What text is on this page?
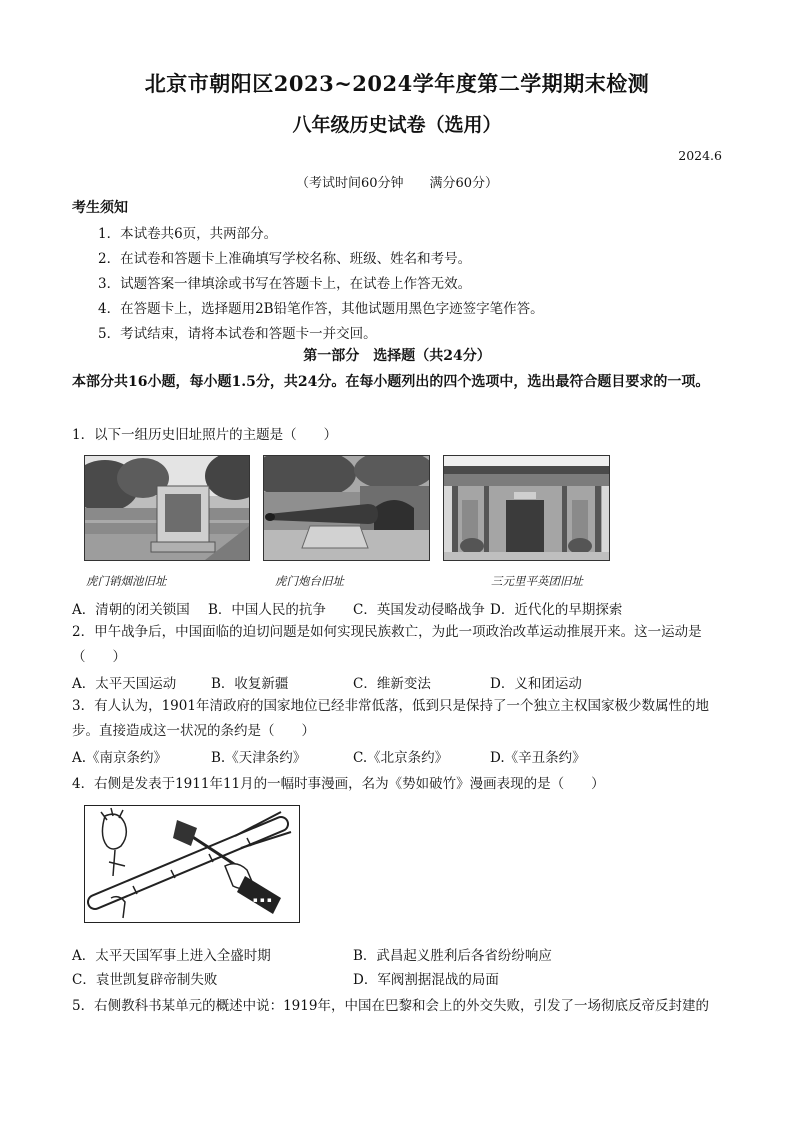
北京市朝阳区2023~2024学年度第二学期期末检测
八年级历史试卷（选用）
2024.6
（考试时间60分钟　　满分60分）
考生须知
1．本试卷共6页，共两部分。
2．在试卷和答题卡上准确填写学校名称、班级、姓名和考号。
3．试题答案一律填涂或书写在答题卡上，在试卷上作答无效。
4．在答题卡上，选择题用2B铅笔作答，其他试题用黑色字迹签字笔作答。
5．考试结束，请将本试卷和答题卡一并交回。
第一部分　选择题（共24分）
本部分共16小题，每小题1.5分，共24分。在每小题列出的四个选项中，选出最符合题目要求的一项。
1．以下一组历史旧址照片的主题是（　　）
虎门销烟池旧址	虎门炮台旧址	三元里平英团旧址
A．清朝的闭关锁国 B．中国人民的抗争 C．英国发动侵略战争 D．近代化的早期探索
2．甲午战争后，中国面临的迫切问题是如何实现民族救亡，为此一项政治改革运动推展开来。这一运动是（　　）
A．太平天国运动	B．收复新疆	C．维新变法	D．义和团运动
3．有人认为，1901年清政府的国家地位已经非常低落，低到只是保持了一个独立主权国家极少数属性的地步。直接造成这一状况的条约是（　　）
A.《南京条约》	B.《天津条约》	C.《北京条约》	D.《辛丑条约》
4．右侧是发表于1911年11月的一幅时事漫画，名为《势如破竹》漫画表现的是（　　）
▪ ▪ ▪
A．太平天国军事上进入全盛时期	B．武昌起义胜利后各省纷纷响应
C．袁世凯复辟帝制失败	D．军阀割据混战的局面
5．右侧教科书某单元的概述中说：1919年，中国在巴黎和会上的外交失败，引发了一场彻底反帝反封建的
